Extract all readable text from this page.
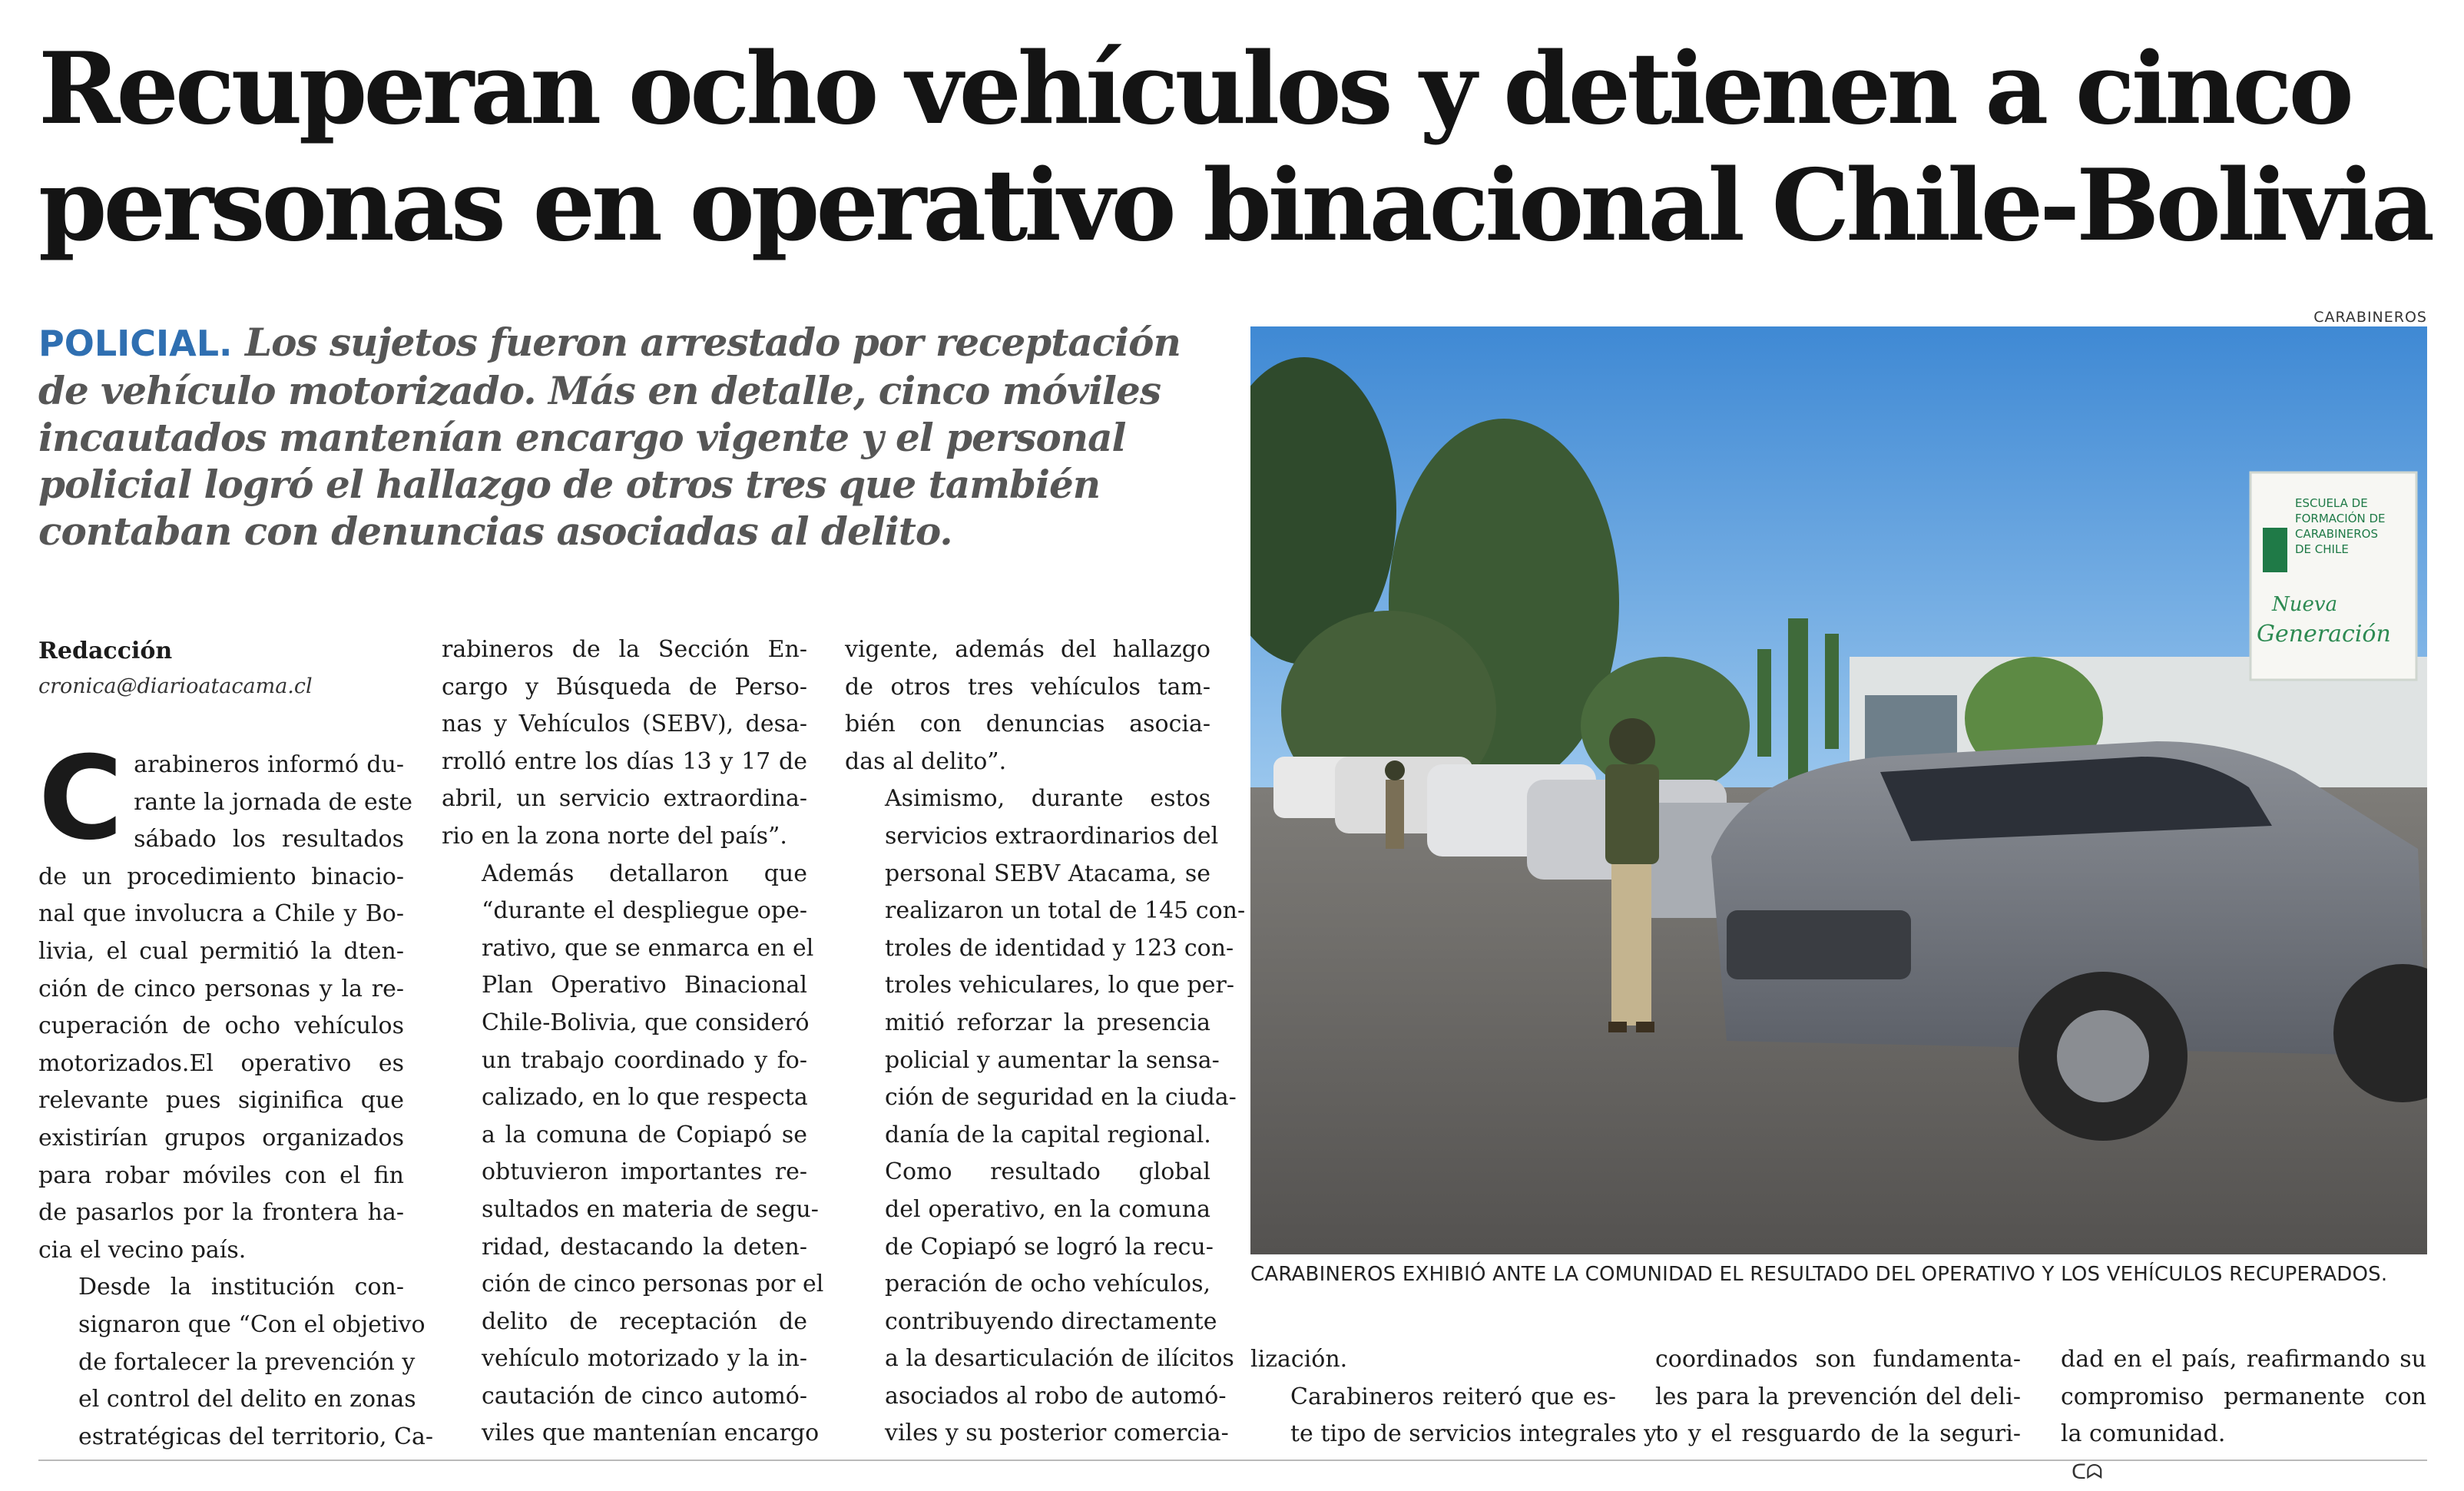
Recuperan ocho vehículos y detienen a cinco
personas en operativo binacional Chile-Bolivia

POLICIAL. Los sujetos fueron arrestado por receptación de vehículo motorizado. Más en detalle, cinco móviles incautados mantenían encargo vigente y el personal policial logró el hallazgo de otros tres que también contaban con denuncias asociadas al delito.

Redacción
cronica@diarioatacama.cl

C arabineros informó du-
rante la jornada de este
sábado los resultados
de un procedimiento binacio-
nal que involucra a Chile y Bo-
livia, el cual permitió la dten-
ción de cinco personas y la re-
cuperación de ocho vehículos
motorizados.El operativo es
relevante pues siginifica que
existirían grupos organizados
para robar móviles con el fin
de pasarlos por la frontera ha-
cia el vecino país.

Desde la institución con-
signaron que “Con el objetivo
de fortalecer la prevención y
el control del delito en zonas
estratégicas del territorio, Ca-

rabineros de la Sección En-
cargo y Búsqueda de Perso-
nas y Vehículos (SEBV), desa-
rrolló entre los días 13 y 17 de
abril, un servicio extraordina-
rio en la zona norte del país”.

Además detallaron que
“durante el despliegue ope-
rativo, que se enmarca en el
Plan Operativo Binacional
Chile-Bolivia, que consideró
un trabajo coordinado y fo-
calizado, en lo que respecta
a la comuna de Copiapó se
obtuvieron importantes re-
sultados en materia de segu-
ridad, destacando la deten-
ción de cinco personas por el
delito de receptación de
vehículo motorizado y la in-
cautación de cinco automó-
viles que mantenían encargo

vigente, además del hallazgo
de otros tres vehículos tam-
bién con denuncias asocia-
das al delito”.

Asimismo, durante estos
servicios extraordinarios del
personal SEBV Atacama, se
realizaron un total de 145 con-
troles de identidad y 123 con-
troles vehiculares, lo que per-
mitió reforzar la presencia
policial y aumentar la sensa-
ción de seguridad en la ciuda-
danía de la capital regional.

Como resultado global
del operativo, en la comuna
de Copiapó se logró la recu-
peración de ocho vehículos,
contribuyendo directamente
a la desarticulación de ilícitos
asociados al robo de automó-
viles y su posterior comercia-

CARABINEROS
ESCUELA DE
FORMACIÓN DE
CARABINEROS
DE CHILE
Nueva
Generación
CARABINEROS EXHIBIÓ ANTE LA COMUNIDAD EL RESULTADO DEL OPERATIVO Y LOS VEHÍCULOS RECUPERADOS.

lización.

Carabineros reiteró que es-
te tipo de servicios integrales y

coordinados son fundamenta-
les para la prevención del deli-
to y el resguardo de la seguri-

dad en el país, reafirmando su
compromiso permanente con
la comunidad.
ᑕᗣ
